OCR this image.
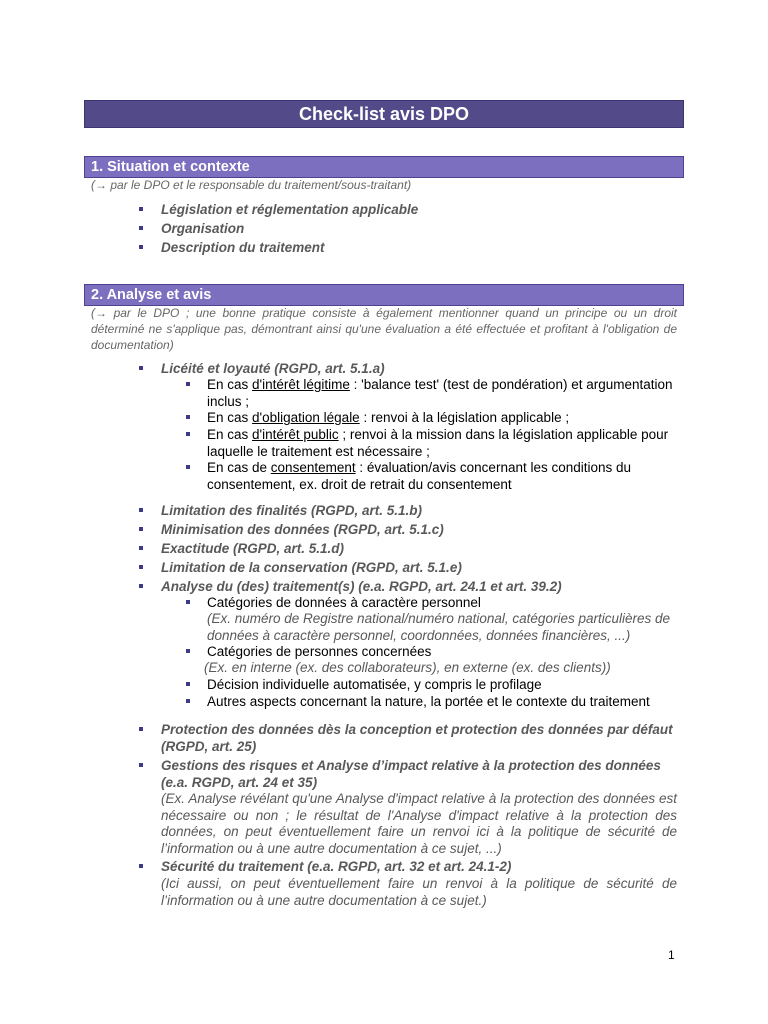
Check-list avis DPO
1. Situation et contexte
(→ par le DPO et le responsable du traitement/sous-traitant)
Législation et réglementation applicable
Organisation
Description du traitement
2. Analyse et avis
(→ par le DPO ; une bonne pratique consiste à également mentionner quand un principe ou un droit déterminé ne s'applique pas, démontrant ainsi qu'une évaluation a été effectuée et profitant à l'obligation de documentation)
Licéité et loyauté (RGPD, art. 5.1.a)
En cas d'intérêt légitime : 'balance test' (test de pondération) et argumentation inclus ;
En cas d'obligation légale : renvoi à la législation applicable ;
En cas d'intérêt public ; renvoi à la mission dans la législation applicable pour laquelle le traitement est nécessaire ;
En cas de consentement : évaluation/avis concernant les conditions du consentement, ex. droit de retrait du consentement
Limitation des finalités (RGPD, art. 5.1.b)
Minimisation des données (RGPD, art. 5.1.c)
Exactitude (RGPD, art. 5.1.d)
Limitation de la conservation (RGPD, art. 5.1.e)
Analyse du (des) traitement(s) (e.a. RGPD, art. 24.1 et art. 39.2)
Catégories de données à caractère personnel
(Ex. numéro de Registre national/numéro national, catégories particulières de données à caractère personnel, coordonnées, données financières, ...)
Catégories de personnes concernées
(Ex. en interne (ex. des collaborateurs), en externe (ex. des clients))
Décision individuelle automatisée, y compris le profilage
Autres aspects concernant la nature, la portée et le contexte du traitement
Protection des données dès la conception et protection des données par défaut (RGPD, art. 25)
Gestions des risques et Analyse d’impact relative à la protection des données (e.a. RGPD, art. 24 et 35)
(Ex. Analyse révélant qu'une Analyse d'impact relative à la protection des données est nécessaire ou non ; le résultat de l'Analyse d'impact relative à la protection des données, on peut éventuellement faire un renvoi ici à la politique de sécurité de l’information ou à une autre documentation à ce sujet, ...)
Sécurité du traitement (e.a. RGPD, art. 32 et art. 24.1-2)
(Ici aussi, on peut éventuellement faire un renvoi à la politique de sécurité de l’information ou à une autre documentation à ce sujet.)
1
